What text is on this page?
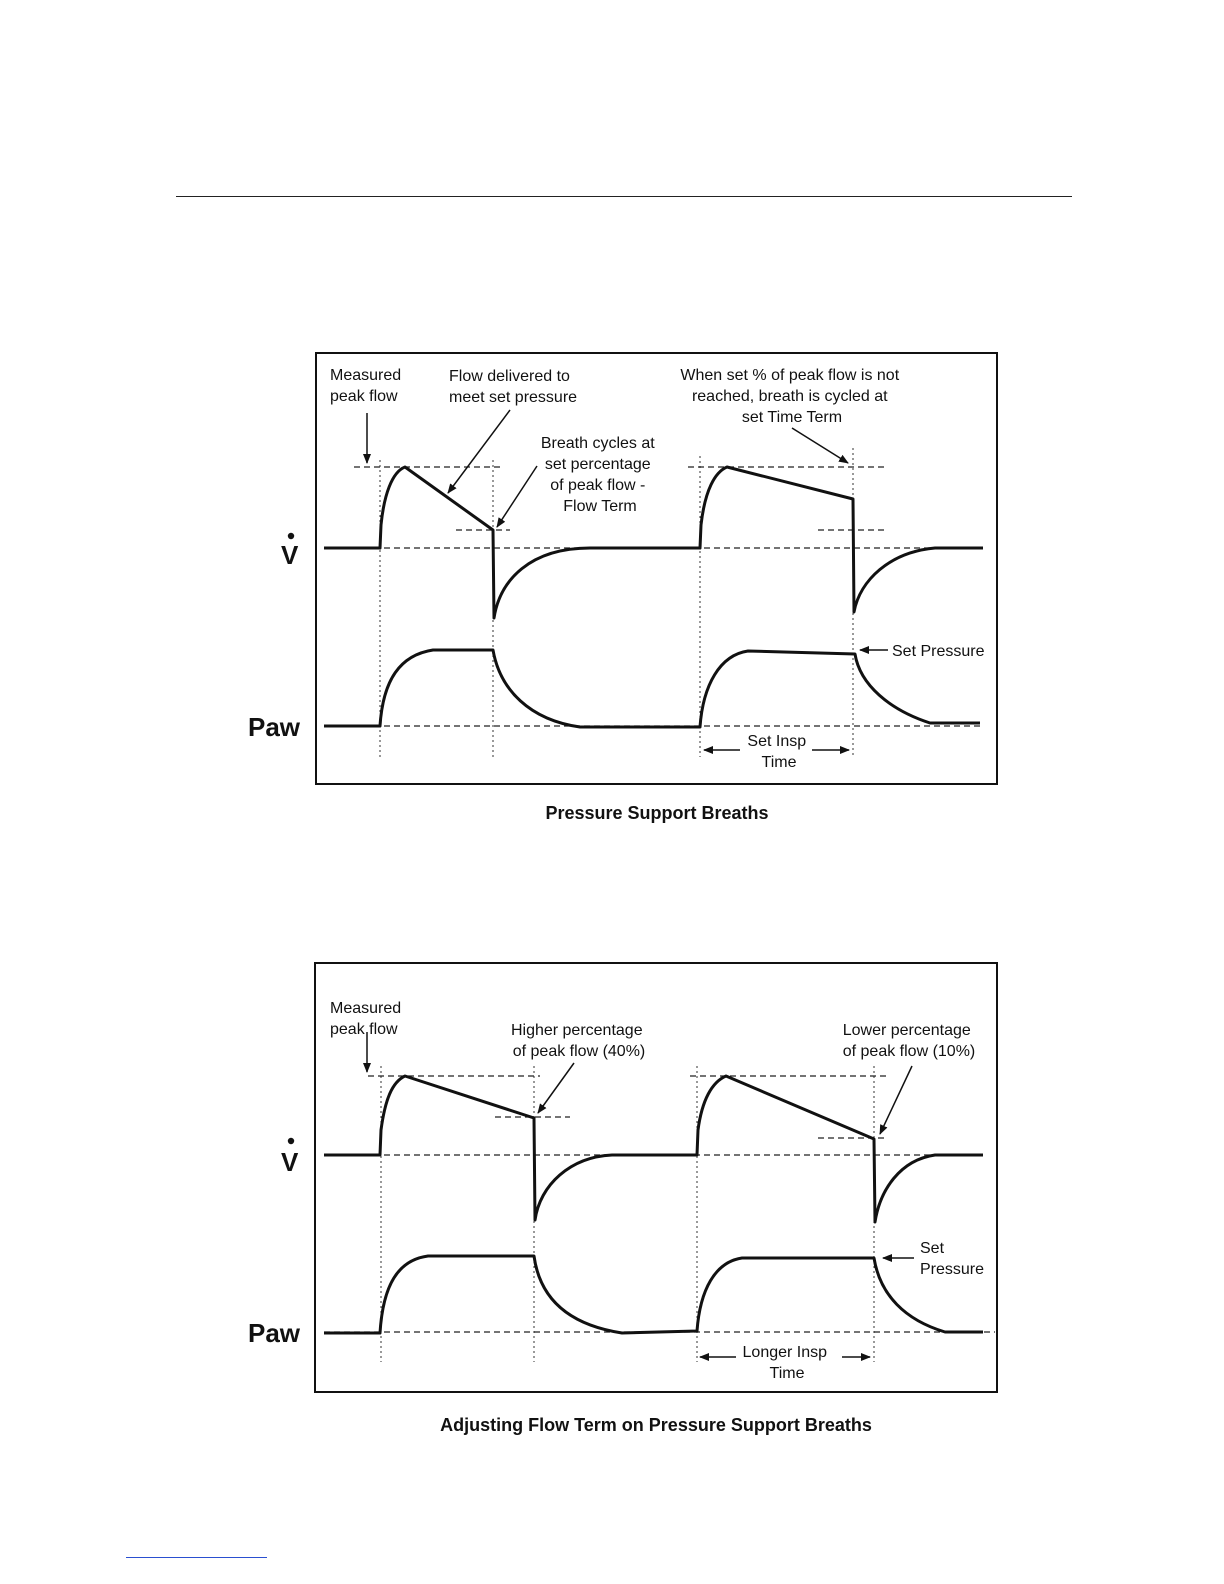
Measured peak flow
Flow delivered to meet set pressure
Breath cycles at set percentage of peak flow - Flow Term
When set % of peak flow is not reached, breath is cycled at set Time Term
Set Pressure
Set Insp Time
V
Paw
Pressure Support Breaths
Measured peak flow	Higher percentage of peak flow (40%)
Lower percentage of peak flow (10%)
Set Pressure
Longer Insp Time
V
Paw
Adjusting Flow Term on Pressure Support Breaths
